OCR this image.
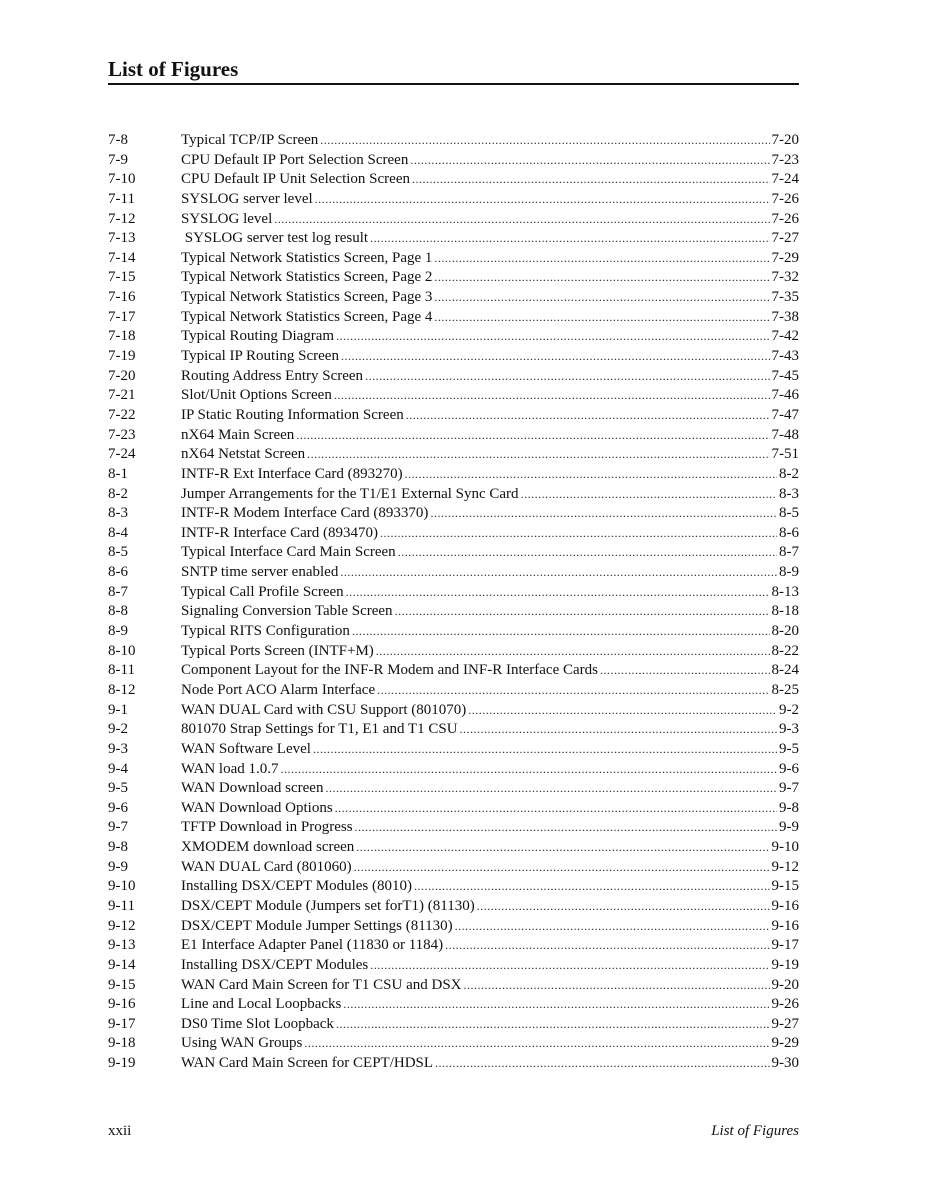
List of Figures
7-8	Typical TCP/IP Screen .....	7-20
7-9	CPU Default IP Port Selection Screen .....	7-23
7-10	CPU Default IP Unit Selection Screen .....	7-24
7-11	SYSLOG server level .....	7-26
7-12	SYSLOG level .....	7-26
7-13	SYSLOG server test log result .....	7-27
7-14	Typical Network Statistics Screen, Page 1 .....	7-29
7-15	Typical Network Statistics Screen, Page 2 .....	7-32
7-16	Typical Network Statistics Screen, Page 3 .....	7-35
7-17	Typical Network Statistics Screen, Page 4 .....	7-38
7-18	Typical Routing Diagram .....	7-42
7-19	Typical IP Routing Screen .....	7-43
7-20	Routing Address Entry Screen .....	7-45
7-21	Slot/Unit Options Screen .....	7-46
7-22	IP Static Routing Information Screen .....	7-47
7-23	nX64 Main Screen .....	7-48
7-24	nX64 Netstat Screen .....	7-51
8-1	INTF-R Ext Interface Card (893270) .....	8-2
8-2	Jumper Arrangements for the T1/E1 External Sync Card .....	8-3
8-3	INTF-R Modem Interface Card (893370) .....	8-5
8-4	INTF-R Interface Card (893470) .....	8-6
8-5	Typical Interface Card Main Screen .....	8-7
8-6	SNTP time server enabled .....	8-9
8-7	Typical Call Profile Screen .....	8-13
8-8	Signaling Conversion Table Screen .....	8-18
8-9	Typical RITS Configuration .....	8-20
8-10	Typical Ports Screen (INTF+M) .....	8-22
8-11	Component Layout for the INF-R Modem and INF-R Interface Cards .....	8-24
8-12	Node Port ACO Alarm Interface .....	8-25
9-1	WAN DUAL Card with CSU Support (801070) .....	9-2
9-2	801070 Strap Settings for T1, E1 and T1 CSU .....	9-3
9-3	WAN Software Level .....	9-5
9-4	WAN load 1.0.7 .....	9-6
9-5	WAN Download screen .....	9-7
9-6	WAN Download Options .....	9-8
9-7	TFTP Download in Progress .....	9-9
9-8	XMODEM download screen .....	9-10
9-9	WAN DUAL Card (801060) .....	9-12
9-10	Installing DSX/CEPT Modules (8010) .....	9-15
9-11	DSX/CEPT Module (Jumpers set forT1) (81130) .....	9-16
9-12	DSX/CEPT Module Jumper Settings (81130) .....	9-16
9-13	E1 Interface Adapter Panel (11830 or 1184) .....	9-17
9-14	Installing DSX/CEPT Modules .....	9-19
9-15	WAN Card Main Screen for T1 CSU and DSX .....	9-20
9-16	Line and Local Loopbacks .....	9-26
9-17	DS0 Time Slot Loopback .....	9-27
9-18	Using WAN Groups .....	9-29
9-19	WAN Card Main Screen for CEPT/HDSL .....	9-30
xxii	List of Figures
